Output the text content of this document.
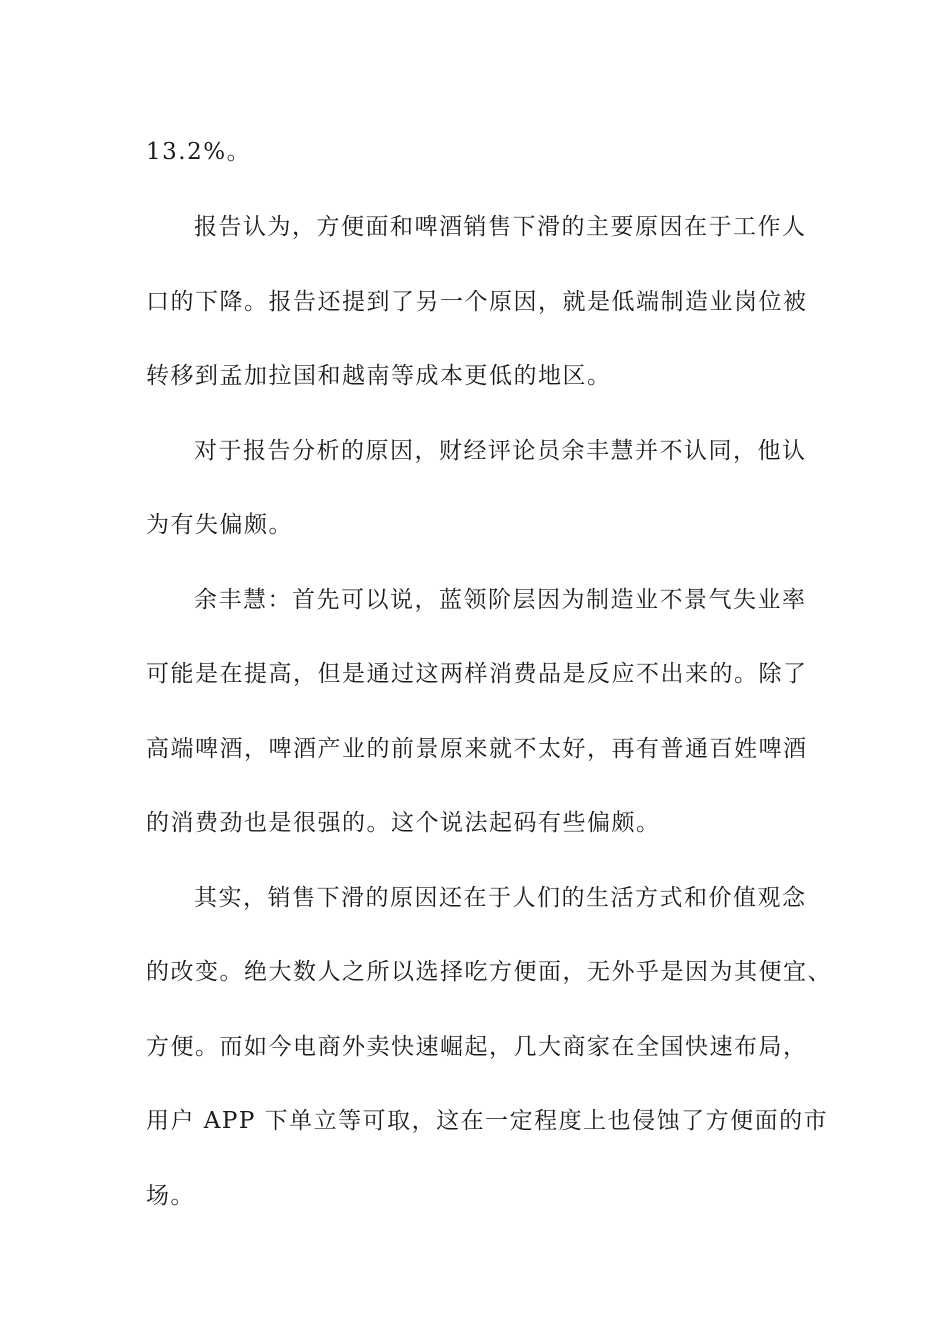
13.2%。

报告认为，方便面和啤酒销售下滑的主要原因在于工作人

口的下降。报告还提到了另一个原因，就是低端制造业岗位被

转移到孟加拉国和越南等成本更低的地区。

对于报告分析的原因，财经评论员余丰慧并不认同，他认

为有失偏颇。

余丰慧：首先可以说，蓝领阶层因为制造业不景气失业率

可能是在提高，但是通过这两样消费品是反应不出来的。除了

高端啤酒，啤酒产业的前景原来就不太好，再有普通百姓啤酒

的消费劲也是很强的。这个说法起码有些偏颇。

其实，销售下滑的原因还在于人们的生活方式和价值观念

的改变。绝大数人之所以选择吃方便面，无外乎是因为其便宜、

方便。而如今电商外卖快速崛起，几大商家在全国快速布局，

用户 APP 下单立等可取，这在一定程度上也侵蚀了方便面的市

场。
